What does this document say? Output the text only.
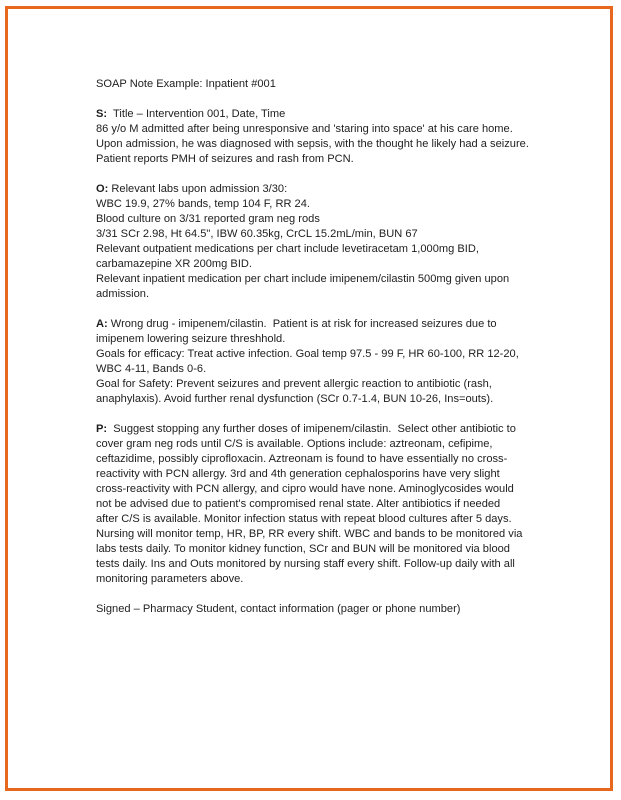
SOAP Note Example: Inpatient #001
S:  Title – Intervention 001, Date, Time
86 y/o M admitted after being unresponsive and 'staring into space' at his care home.
Upon admission, he was diagnosed with sepsis, with the thought he likely had a seizure.
Patient reports PMH of seizures and rash from PCN.
O: Relevant labs upon admission 3/30:
WBC 19.9, 27% bands, temp 104 F, RR 24.
Blood culture on 3/31 reported gram neg rods
3/31 SCr 2.98, Ht 64.5", IBW 60.35kg, CrCL 15.2mL/min, BUN 67
Relevant outpatient medications per chart include levetiracetam 1,000mg BID,
carbamazepine XR 200mg BID.
Relevant inpatient medication per chart include imipenem/cilastin 500mg given upon
admission.
A: Wrong drug - imipenem/cilastin.  Patient is at risk for increased seizures due to
imipenem lowering seizure threshhold.
Goals for efficacy: Treat active infection. Goal temp 97.5 - 99 F, HR 60-100, RR 12-20,
WBC 4-11, Bands 0-6.
Goal for Safety: Prevent seizures and prevent allergic reaction to antibiotic (rash,
anaphylaxis). Avoid further renal dysfunction (SCr 0.7-1.4, BUN 10-26, Ins=outs).
P:  Suggest stopping any further doses of imipenem/cilastin.  Select other antibiotic to
cover gram neg rods until C/S is available. Options include: aztreonam, cefipime,
ceftazidime, possibly ciprofloxacin. Aztreonam is found to have essentially no cross-
reactivity with PCN allergy. 3rd and 4th generation cephalosporins have very slight
cross-reactivity with PCN allergy, and cipro would have none. Aminoglycosides would
not be advised due to patient's compromised renal state. Alter antibiotics if needed
after C/S is available. Monitor infection status with repeat blood cultures after 5 days.
Nursing will monitor temp, HR, BP, RR every shift. WBC and bands to be monitored via
labs tests daily. To monitor kidney function, SCr and BUN will be monitored via blood
tests daily. Ins and Outs monitored by nursing staff every shift. Follow-up daily with all
monitoring parameters above.
Signed – Pharmacy Student, contact information (pager or phone number)
